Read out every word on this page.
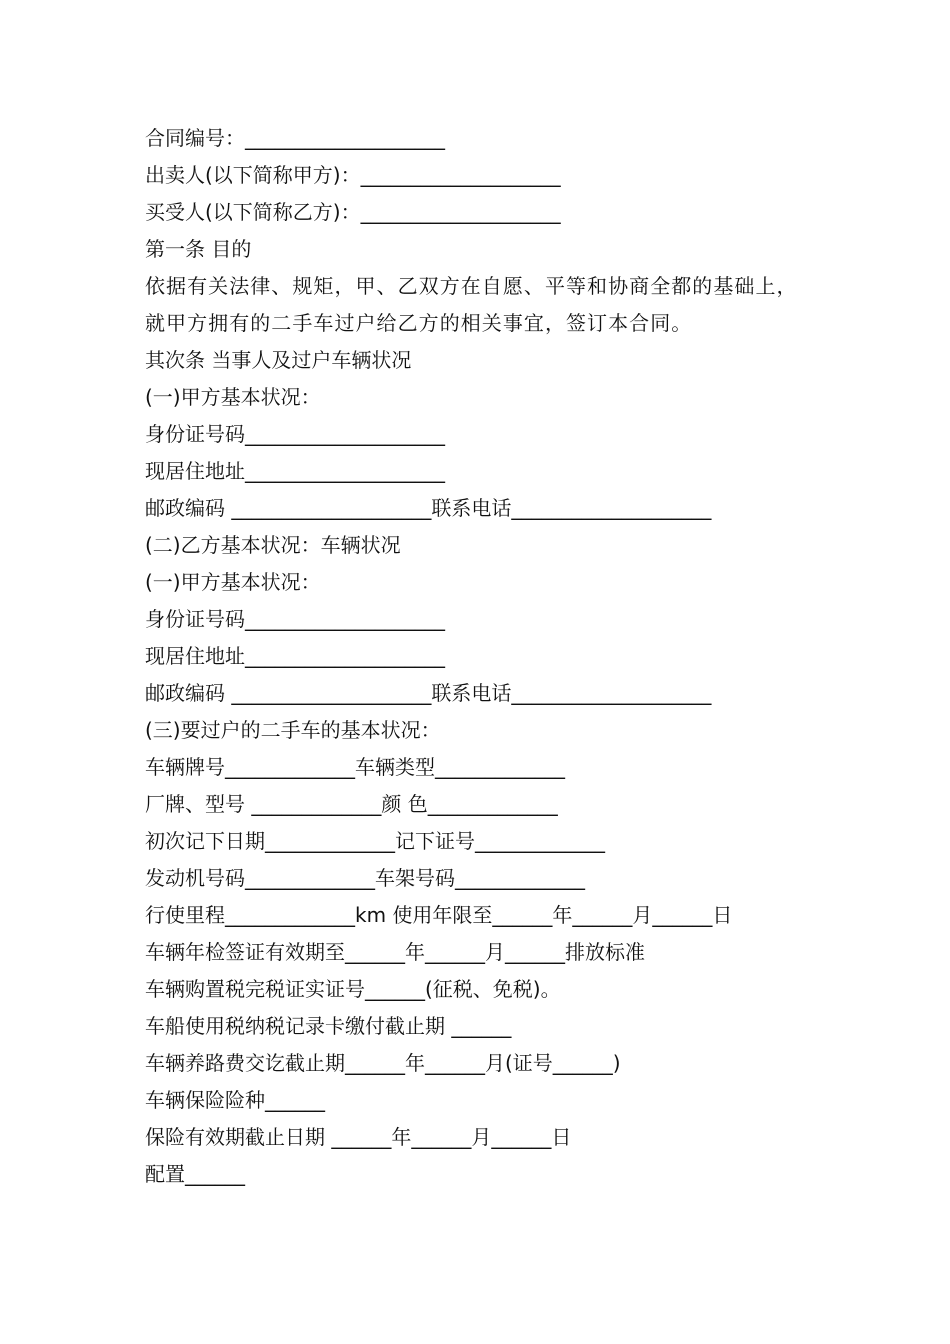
合同编号：____________________
出卖人(以下简称甲方)：____________________
买受人(以下简称乙方)：____________________
第一条 目的
依据有关法律、规矩，甲、乙双方在自愿、平等和协商全都的基础上，就甲方拥有的二手车过户给乙方的相关事宜，签订本合同。
其次条 当事人及过户车辆状况
(一)甲方基本状况：
身份证号码____________________
现居住地址____________________
邮政编码 ____________________联系电话____________________
(二)乙方基本状况：车辆状况
(一)甲方基本状况：
身份证号码____________________
现居住地址____________________
邮政编码 ____________________联系电话____________________
(三)要过户的二手车的基本状况：
车辆牌号_____________车辆类型_____________
厂牌、型号 _____________颜 色_____________
初次记下日期_____________记下证号_____________
发动机号码_____________车架号码_____________
行使里程_____________km 使用年限至______年______月______日
车辆年检签证有效期至______年______月______排放标准
车辆购置税完税证实证号______(征税、免税)。
车船使用税纳税记录卡缴付截止期 ______
车辆养路费交讫截止期______年______月(证号______)
车辆保险险种______
保险有效期截止日期 ______年______月______日
配置______
